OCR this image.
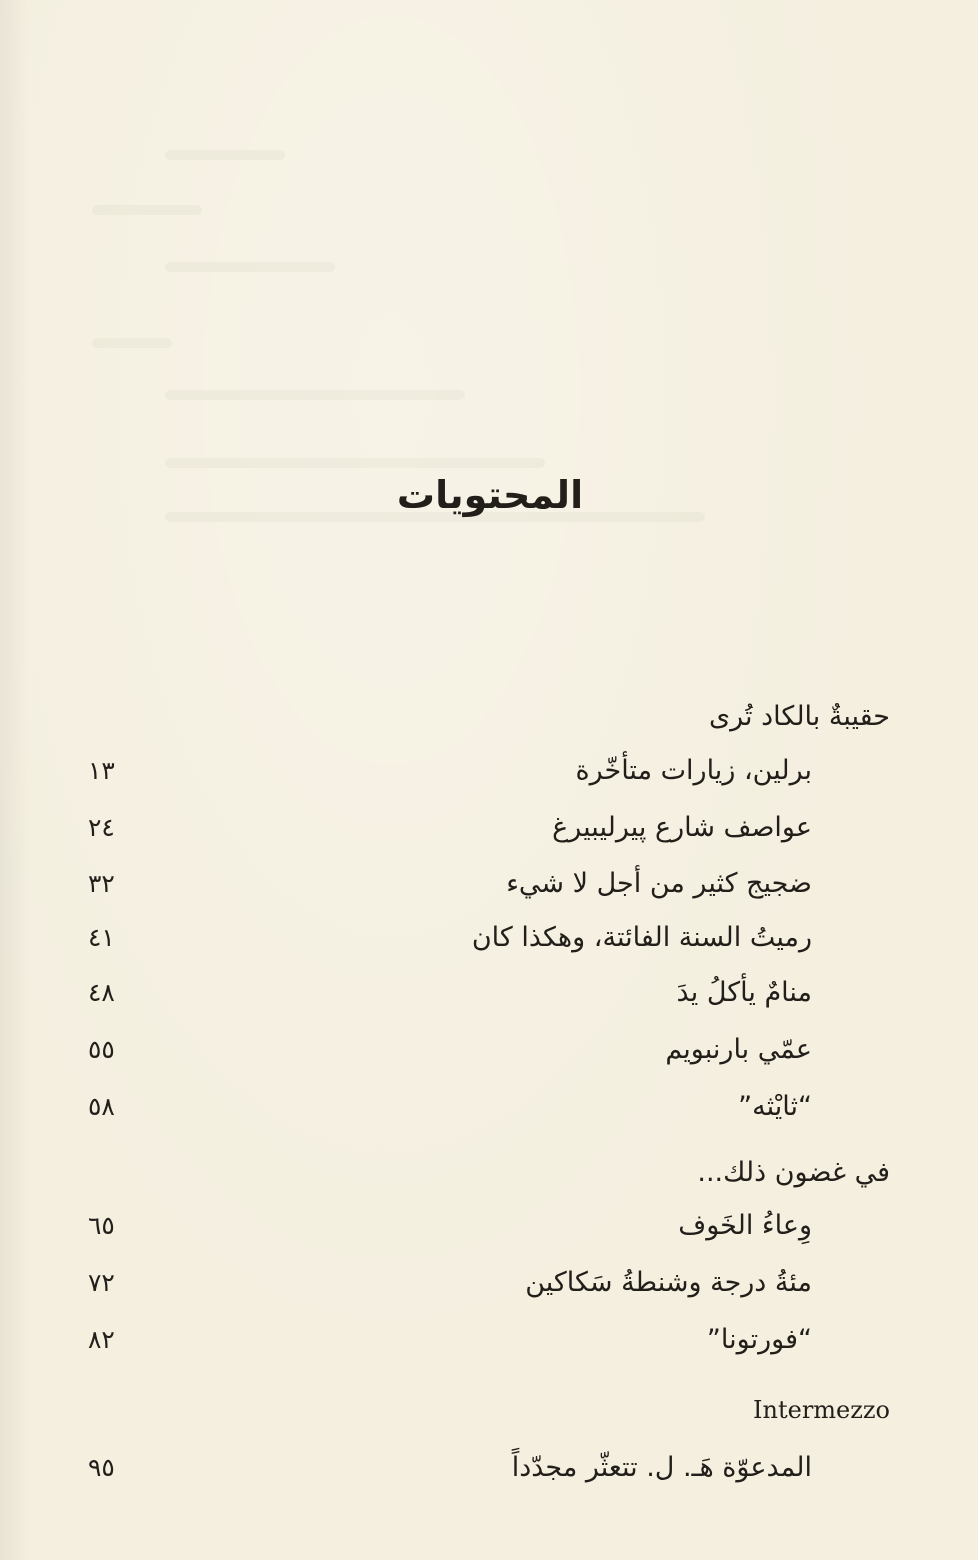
المحتويات
حقيبةٌ بالكاد تُرى
برلين، زيارات متأخّرة
١٣
عواصف شارع پيرليبيرغ
٢٤
ضجيج كثير من أجل لا شيء
٣٢
رميتُ السنة الفائتة، وهكذا كان
٤١
منامٌ يأكلُ يدَ
٤٨
عمّي بارنبويم
٥٥
“ثايْثه”
٥٨
في غضون ذلك...
وِعاءُ الخَوف
٦٥
مئةُ درجة وشنطةُ سَكاكين
٧٢
“فورتونا”
٨٢
Intermezzo
المدعوّة هَـ. ل. تتعثّر مجدّداً
٩٥
